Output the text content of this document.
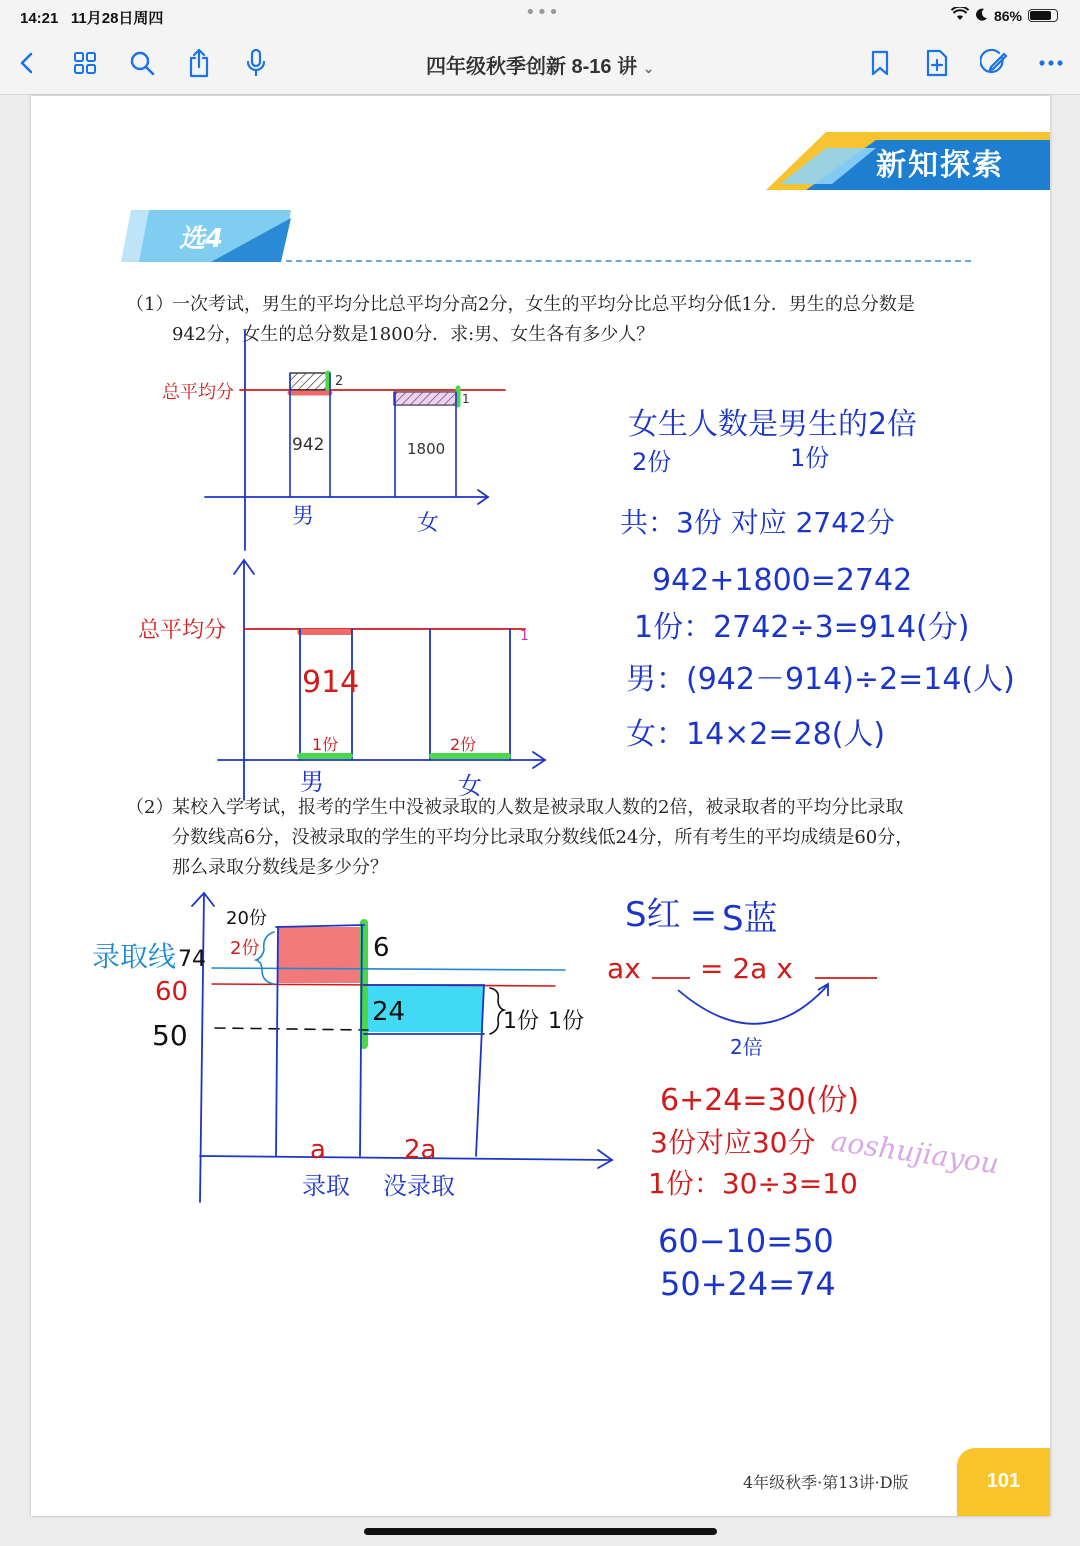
14:21 11月28日周四	•••	86%
四年级秋季创新 8-16 讲 ⌄
新知探索
选4
（1）一次考试，男生的平均分比总平均分高2分，女生的平均分比总平均分低1分．男生的总分数是
942分，女生的总分数是1800分．求:男、女生各有多少人？
（2）某校入学考试，报考的学生中没被录取的人数是被录取人数的2倍，被录取者的平均分比录取
分数线高6分，没被录取的学生的平均分比录取分数线低24分，所有考生的平均成绩是60分，
那么录取分数线是多少分？
总平均分
2
1
942	1800
男	女
总平均分	1
914
1份	2份
男	女
女生人数是男生的2倍
2份	1份
共：3份 对应 2742分
942+1800=2742
1份：2742÷3=914(分)
男：(942－914)÷2=14(人)
女：14×2=28(人)
录取线 74
60
50
20份
2份	6
24	1份 1份
a	2a
录取 没录取
S红 = S蓝
ax = 2a x
2倍
6+24=30(份)
3份对应30分
1份：30÷3=10
60−10=50
50+24=74
aoshujiayou
4年级秋季·第13讲·D版	101
